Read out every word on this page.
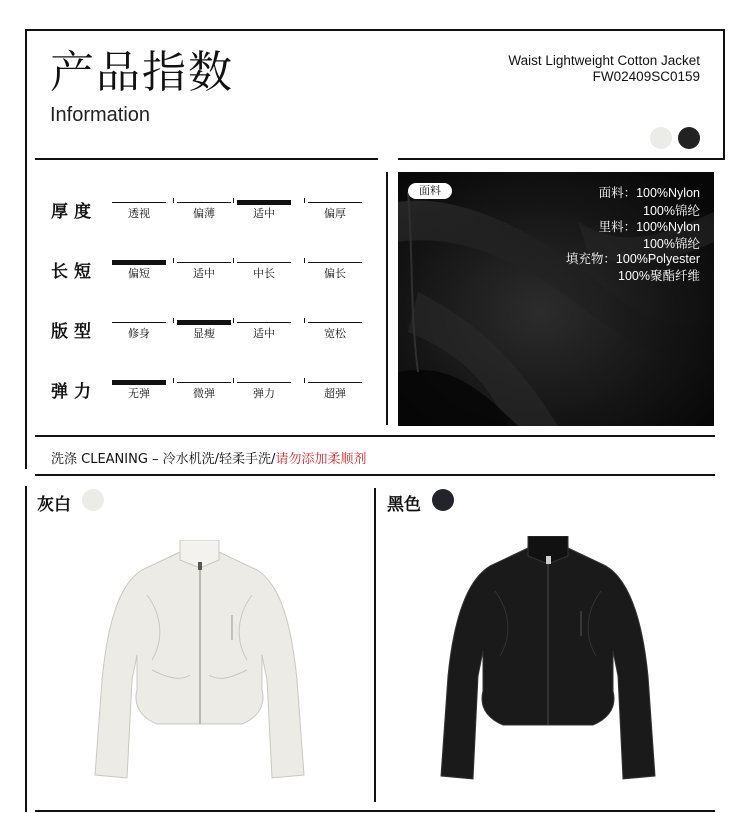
产品指数
Information
Waist Lightweight Cotton Jacket
FW02409SC0159
厚度	透视	偏薄	适中	偏厚
长短	偏短	适中	中长	偏长
版型	修身	显瘦	适中	宽松
弹力	无弹	微弹	弹力	超弹
面料	面料：100%Nylon
100%锦纶
里料：100%Nylon
100%锦纶
填充物：100%Polyester
100%聚酯纤维
洗涤 CLEANING – 冷水机洗/轻柔手洗/请勿添加柔顺剂
灰白	黑色
